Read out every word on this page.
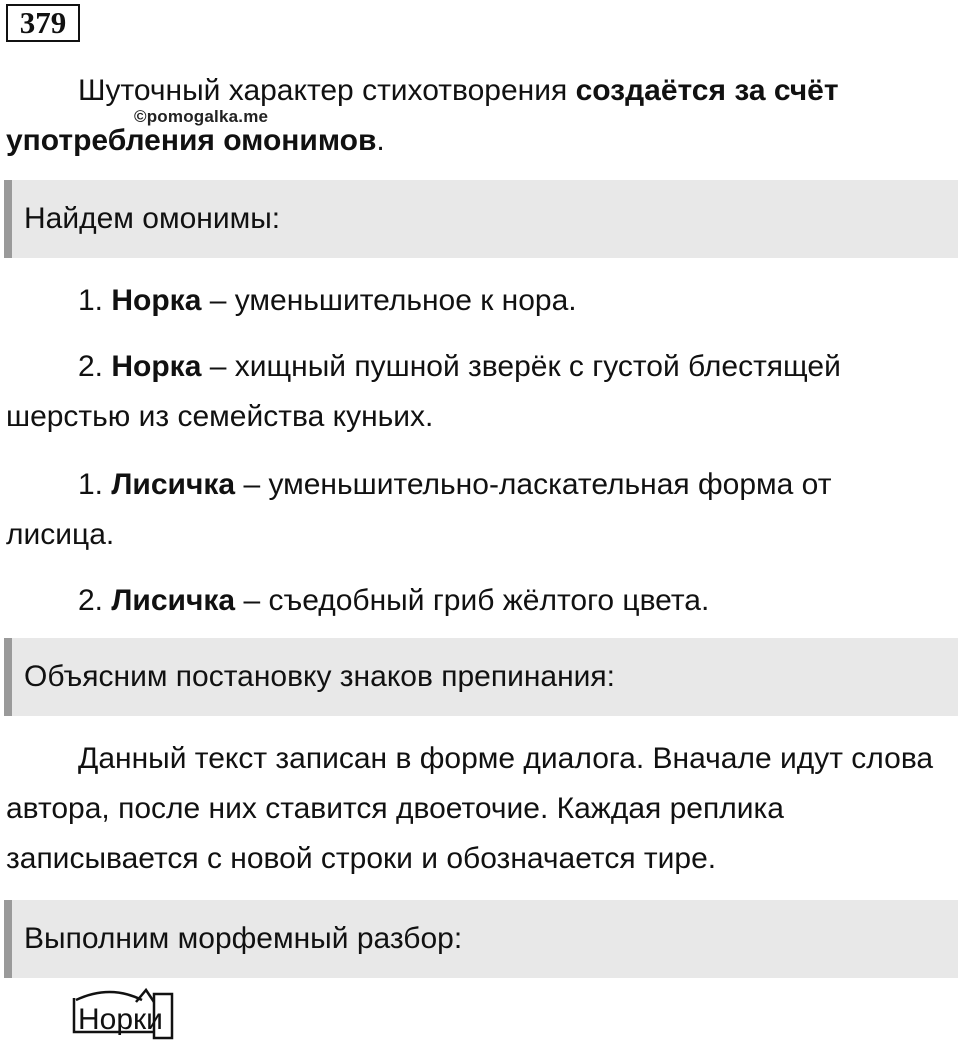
379

Шуточный характер стихотворения создаётся за счёт употребления омонимов.

©pomogalka.me
Найдем омонимы:

1. Норка – уменьшительное к нора.

2. Норка – хищный пушной зверёк с густой блестящей шерстью из семейства куньих.

1. Лисичка – уменьшительно-ласкательная форма от лисица.

2. Лисичка – съедобный гриб жёлтого цвета.

Объясним постановку знаков препинания:

Данный текст записан в форме диалога. Вначале идут слова автора, после них ставится двоеточие. Каждая реплика записывается с новой строки и обозначается тире.

Выполним морфемный разбор:
Норки
